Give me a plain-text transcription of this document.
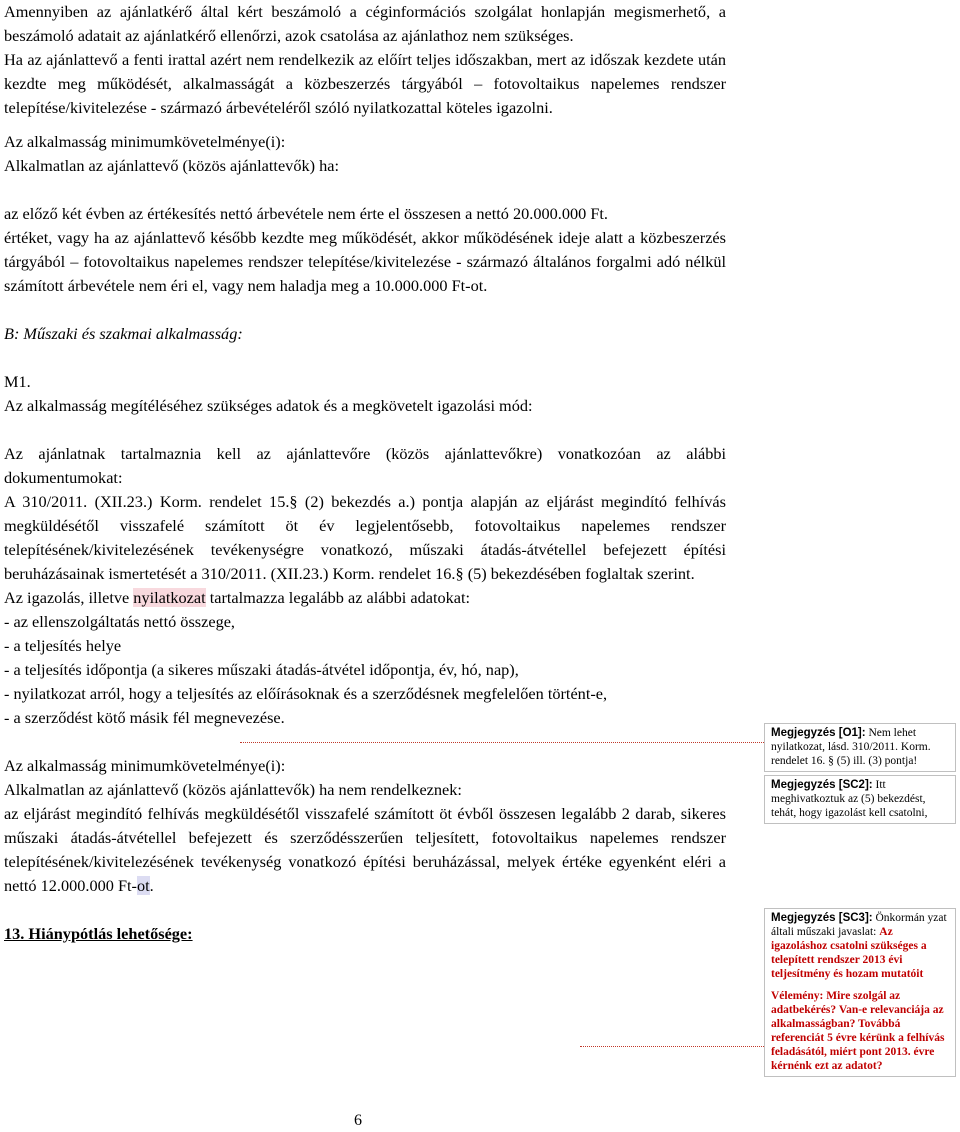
Amennyiben az ajánlatkérő által kért beszámoló a céginformációs szolgálat honlapján megismerhető, a beszámoló adatait az ajánlatkérő ellenőrzi, azok csatolása az ajánlathoz nem szükséges.

Ha az ajánlattevő a fenti irattal azért nem rendelkezik az előírt teljes időszakban, mert az időszak kezdete után kezdte meg működését, alkalmasságát a közbeszerzés tárgyából – fotovoltaikus napelemes rendszer telepítése/kivitelezése - származó árbevételéről szóló nyilatkozattal köteles igazolni.

Az alkalmasság minimumkövetelménye(i):

Alkalmatlan az ajánlattevő (közös ajánlattevők) ha:

az előző két évben az értékesítés nettó árbevétele nem érte el összesen a nettó 20.000.000 Ft.

értéket, vagy ha az ajánlattevő később kezdte meg működését, akkor működésének ideje alatt a közbeszerzés tárgyából – fotovoltaikus napelemes rendszer telepítése/kivitelezése - származó általános forgalmi adó nélkül számított árbevétele nem éri el, vagy nem haladja meg a 10.000.000 Ft-ot.

B: Műszaki és szakmai alkalmasság:

M1.

Az alkalmasság megítéléséhez szükséges adatok és a megkövetelt igazolási mód:

Az ajánlatnak tartalmaznia kell az ajánlattevőre (közös ajánlattevőkre) vonatkozóan az alábbi dokumentumokat:

A 310/2011. (XII.23.) Korm. rendelet 15.§ (2) bekezdés a.) pontja alapján az eljárást megindító felhívás megküldésétől visszafelé számított öt év legjelentősebb, fotovoltaikus napelemes rendszer telepítésének/kivitelezésének tevékenységre vonatkozó, műszaki átadás-átvétellel befejezett építési beruházásainak ismertetését a 310/2011. (XII.23.) Korm. rendelet 16.§ (5) bekezdésében foglaltak szerint.

Az igazolás, illetve nyilatkozat tartalmazza legalább az alábbi adatokat:

- az ellenszolgáltatás nettó összege,

- a teljesítés helye

- a teljesítés időpontja (a sikeres műszaki átadás-átvétel időpontja, év, hó, nap),

- nyilatkozat arról, hogy a teljesítés az előírásoknak és a szerződésnek megfelelően történt-e,

- a szerződést kötő másik fél megnevezése.

Az alkalmasság minimumkövetelménye(i):

Alkalmatlan az ajánlattevő (közös ajánlattevők) ha nem rendelkeznek:

az eljárást megindító felhívás megküldésétől visszafelé számított öt évből összesen legalább 2 darab, sikeres műszaki átadás-átvétellel befejezett és szerződésszerűen teljesített, fotovoltaikus napelemes rendszer telepítésének/kivitelezésének tevékenység vonatkozó építési beruházással, melyek értéke egyenként eléri a nettó 12.000.000 Ft-ot.

13. Hiánypótlás lehetősége:

6
Megjegyzés [O1]: Nem lehet nyilatkozat, lásd. 310/2011. Korm. rendelet 16. § (5) ill. (3) pontja!
Megjegyzés [SC2]: Itt meghivatkoztuk az (5) bekezdést, tehát, hogy igazolást kell csatolni,
Megjegyzés [SC3]: Önkormán yzat általi műszaki javaslat: Az igazoláshoz csatolni szükséges a telepített rendszer 2013 évi teljesítmény és hozam mutatóit
Vélemény: Mire szolgál az adatbekérés? Van-e relevanciája az alkalmasságban? Továbbá referenciát 5 évre kérünk a felhívás feladásától, miért pont 2013. évre kérnénk ezt az adatot?
